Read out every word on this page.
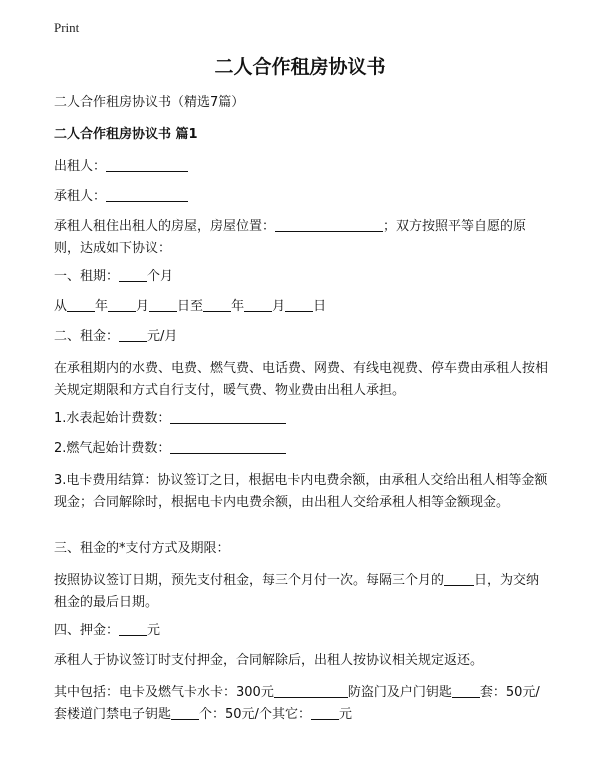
Print
二人合作租房协议书
二人合作租房协议书（精选7篇）
二人合作租房协议书 篇1
出租人：
承租人：
承租人租住出租人的房屋，房屋位置：	；双方按照平等自愿的原则，达成如下协议：
一、租期： 个月
从 年 月 日至 年 月 日
二、租金： 元/月
在承租期内的水费、电费、燃气费、电话费、网费、有线电视费、停车费由承租人按相关规定期限和方式自行支付，暖气费、物业费由出租人承担。
1.水表起始计费数：
2.燃气起始计费数：
3.电卡费用结算：协议签订之日，根据电卡内电费余额，由承租人交给出租人相等金额现金；合同解除时，根据电卡内电费余额，由出租人交给承租人相等金额现金。
三、租金的*支付方式及期限：
按照协议签订日期，预先支付租金，每三个月付一次。每隔三个月的 日，为交纳租金的最后日期。
四、押金： 元
承租人于协议签订时支付押金，合同解除后，出租人按协议相关规定返还。
其中包括：电卡及燃气卡水卡：300元	防盗门及户门钥匙 套：50元/套楼道门禁电子钥匙 个：50元/个其它： 元
